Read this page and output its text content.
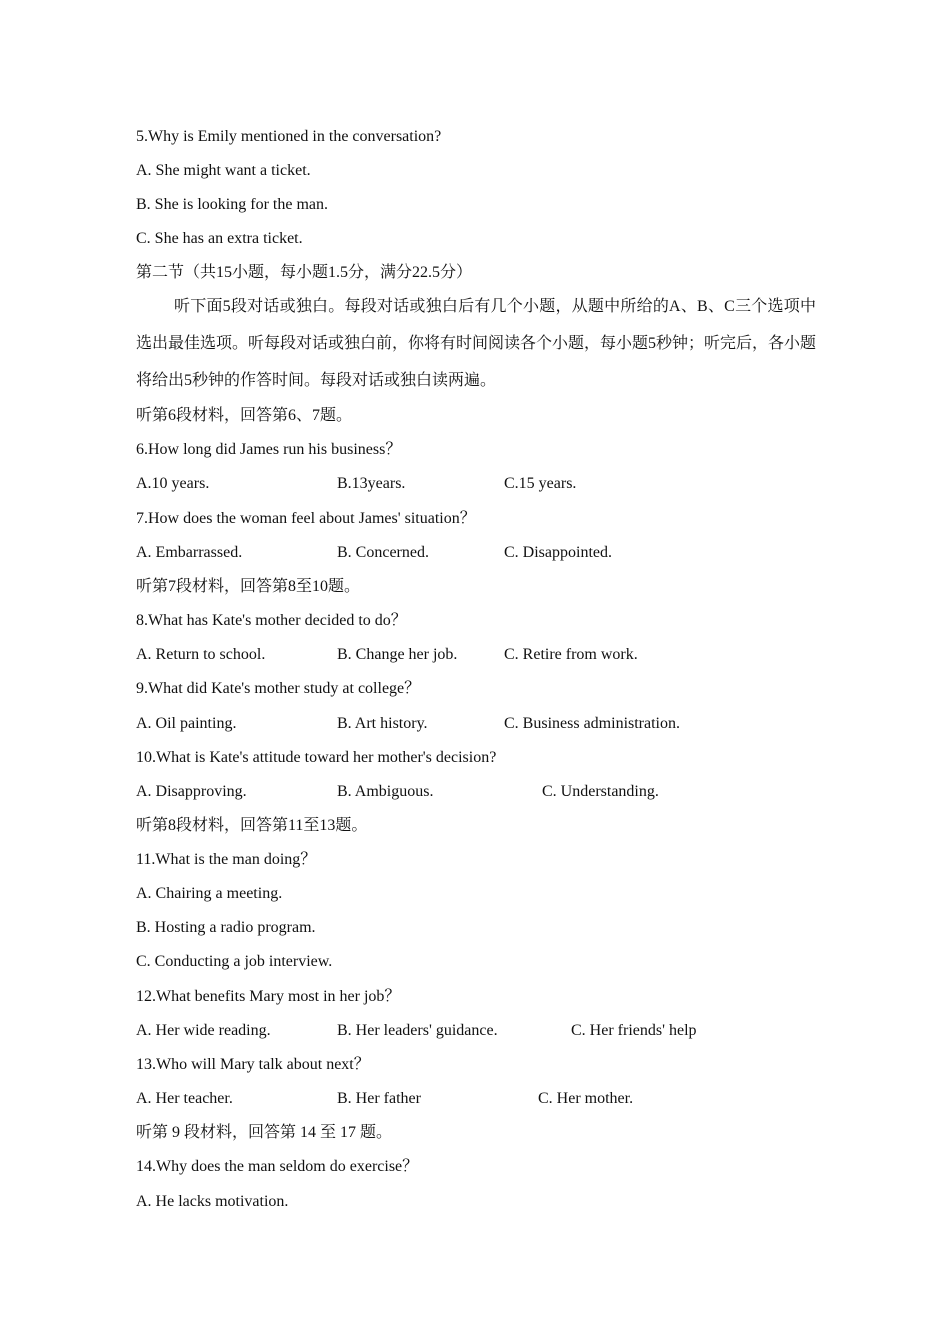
5.Why is Emily mentioned in the conversation?
A. She might want a ticket.
B. She is looking for the man.
C. She has an extra ticket.
第二节（共15小题，每小题1.5分，满分22.5分）
听下面5段对话或独白。每段对话或独白后有几个小题，从题中所给的A、B、C三个选项中选出最佳选项。听每段对话或独白前，你将有时间阅读各个小题，每小题5秒钟；听完后，各小题将给出5秒钟的作答时间。每段对话或独白读两遍。
听第6段材料，回答第6、7题。
6.How long did James run his business？
A.10 years.	B.13years.	C.15 years.
7.How does the woman feel about James' situation？
A. Embarrassed.	B. Concerned.	C. Disappointed.
听第7段材料，回答第8至10题。
8.What has Kate's mother decided to do？
A. Return to school.	B. Change her job.	C. Retire from work.
9.What did Kate's mother study at college？
A. Oil painting.	B. Art history.	C. Business administration.
10.What is Kate's attitude toward her mother's decision?
A. Disapproving.	B. Ambiguous.	C. Understanding.
听第8段材料，回答第11至13题。
11.What is the man doing？
A. Chairing a meeting.
B. Hosting a radio program.
C. Conducting a job interview.
12.What benefits Mary most in her job？
A. Her wide reading.	B. Her leaders' guidance.	C. Her friends' help
13.Who will Mary talk about next？
A. Her teacher.	B. Her father	C. Her mother.
听第 9 段材料，回答第 14 至 17 题。
14.Why does the man seldom do exercise？
A. He lacks motivation.
